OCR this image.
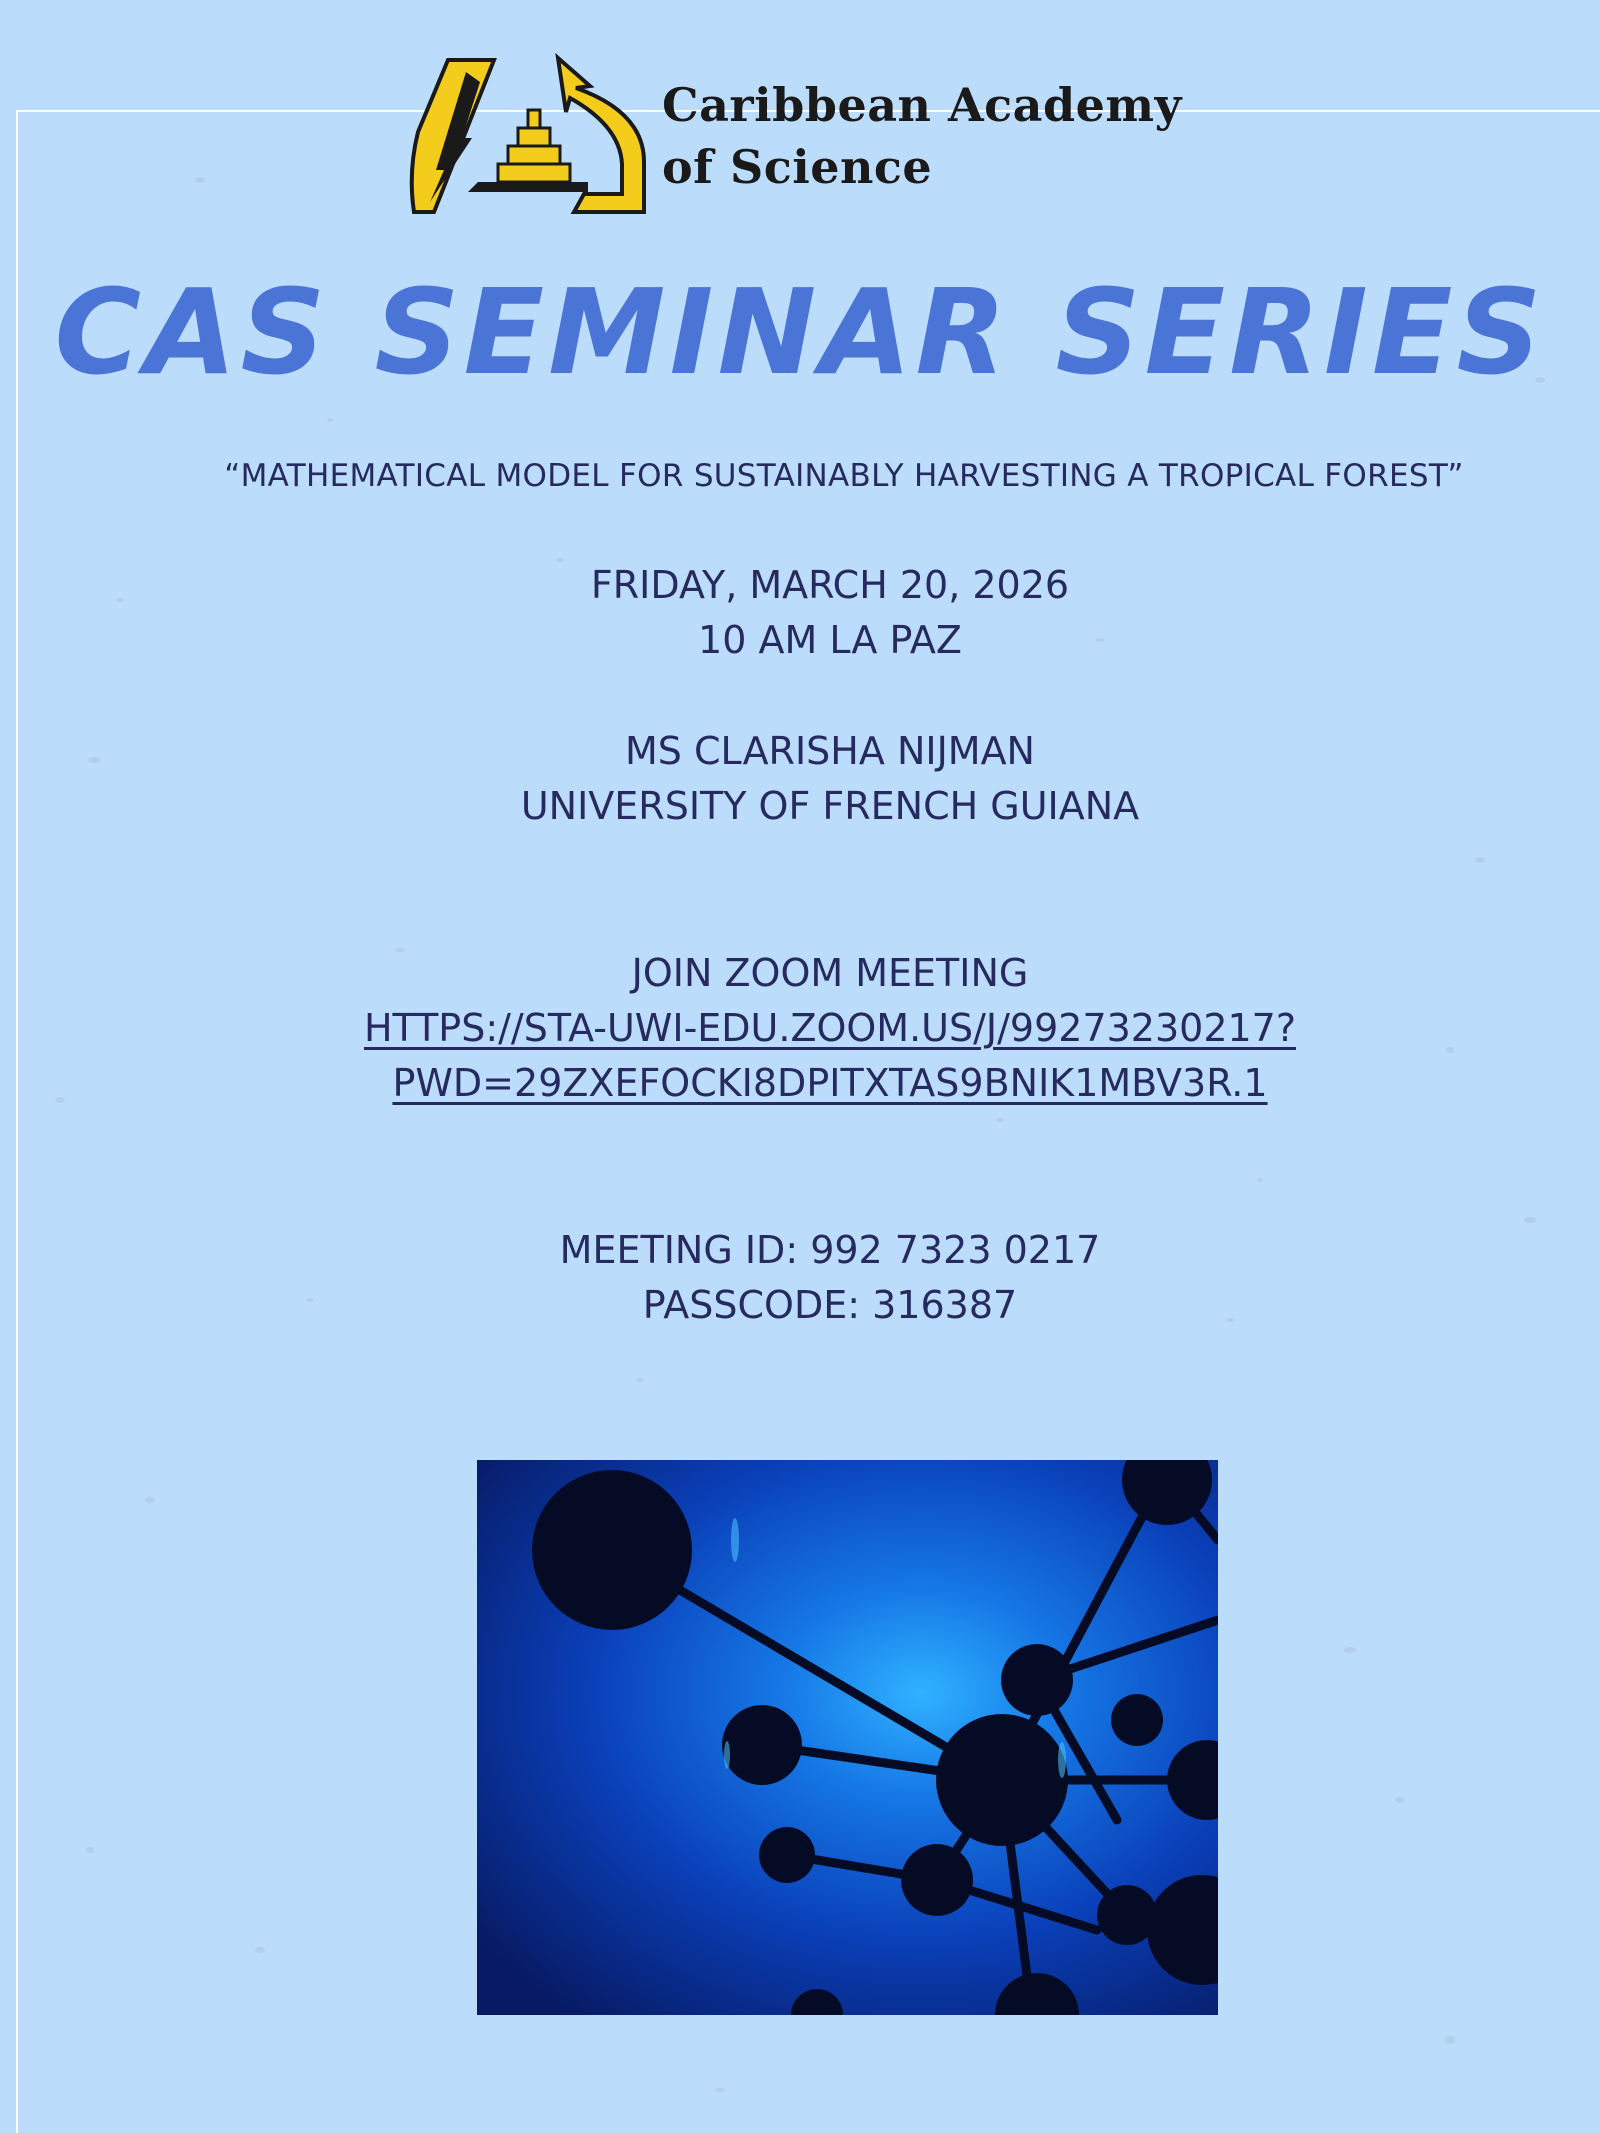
Caribbean Academy
of Science
CAS SEMINAR SERIES
“MATHEMATICAL MODEL FOR SUSTAINABLY HARVESTING A TROPICAL FOREST”
FRIDAY, MARCH 20, 2026
10 AM LA PAZ
MS CLARISHA NIJMAN
UNIVERSITY OF FRENCH GUIANA
JOIN ZOOM MEETING
HTTPS://STA-UWI-EDU.ZOOM.US/J/99273230217?
PWD=29ZXEFOCKI8DPITXTAS9BNIK1MBV3R.1
MEETING ID: 992 7323 0217
PASSCODE: 316387
